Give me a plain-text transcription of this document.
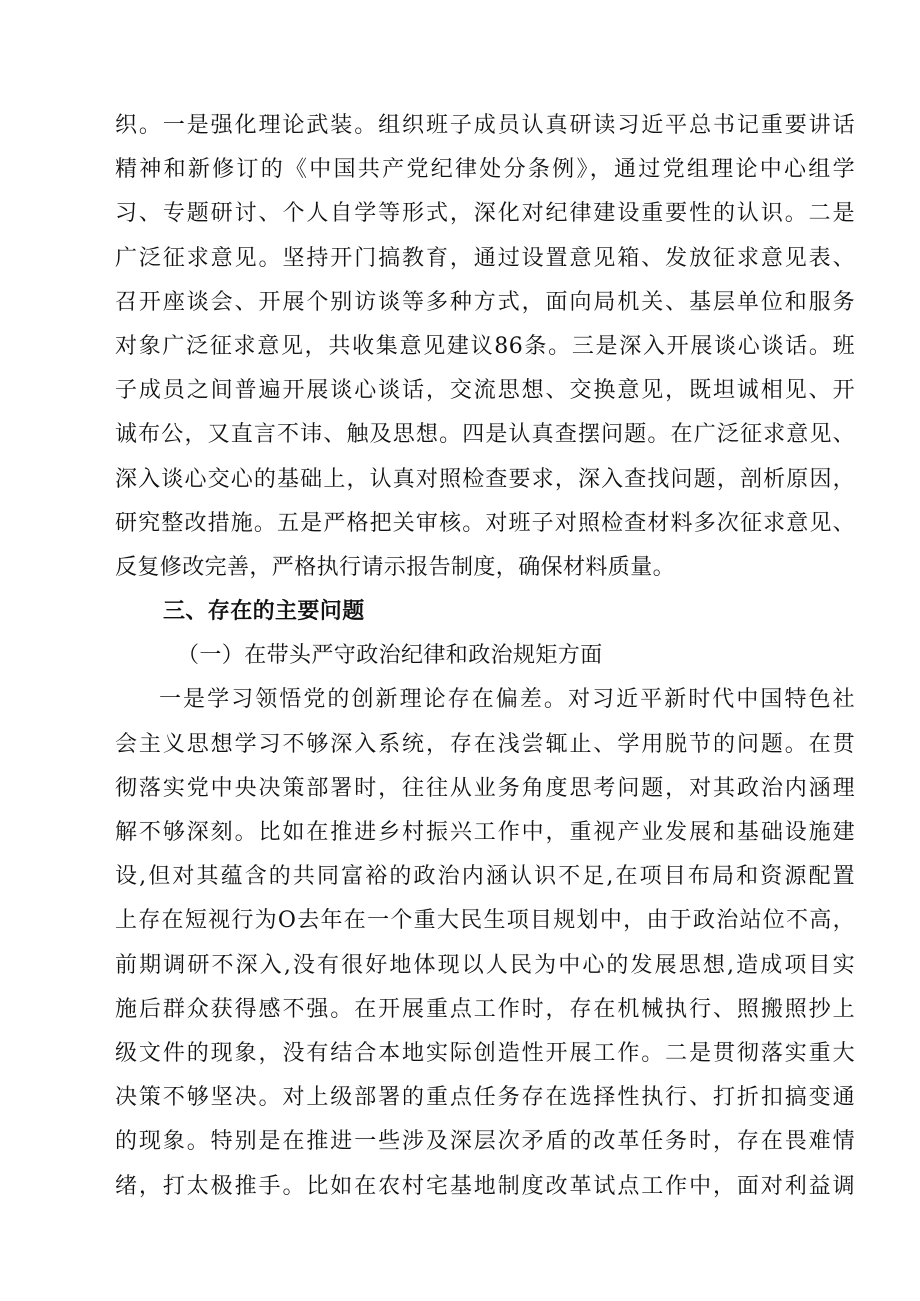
织。一是强化理论武装。组织班子成员认真研读习近平总书记重要讲话
精神和新修订的《中国共产党纪律处分条例》，通过党组理论中心组学
习、专题研讨、个人自学等形式，深化对纪律建设重要性的认识。二是
广泛征求意见。坚持开门搞教育，通过设置意见箱、发放征求意见表、
召开座谈会、开展个别访谈等多种方式，面向局机关、基层单位和服务
对象广泛征求意见，共收集意见建议86条。三是深入开展谈心谈话。班
子成员之间普遍开展谈心谈话，交流思想、交换意见，既坦诚相见、开
诚布公，又直言不讳、触及思想。四是认真查摆问题。在广泛征求意见、
深入谈心交心的基础上，认真对照检查要求，深入查找问题，剖析原因，
研究整改措施。五是严格把关审核。对班子对照检查材料多次征求意见、
反复修改完善，严格执行请示报告制度，确保材料质量。
三、存在的主要问题
（一）在带头严守政治纪律和政治规矩方面
一是学习领悟党的创新理论存在偏差。对习近平新时代中国特色社
会主义思想学习不够深入系统，存在浅尝辄止、学用脱节的问题。在贯
彻落实党中央决策部署时，往往从业务角度思考问题，对其政治内涵理
解不够深刻。比如在推进乡村振兴工作中，重视产业发展和基础设施建
设,但对其蕴含的共同富裕的政治内涵认识不足,在项目布局和资源配置
上存在短视行为O去年在一个重大民生项目规划中，由于政治站位不高，
前期调研不深入,没有很好地体现以人民为中心的发展思想,造成项目实
施后群众获得感不强。在开展重点工作时，存在机械执行、照搬照抄上
级文件的现象，没有结合本地实际创造性开展工作。二是贯彻落实重大
决策不够坚决。对上级部署的重点任务存在选择性执行、打折扣搞变通
的现象。特别是在推进一些涉及深层次矛盾的改革任务时，存在畏难情
绪，打太极推手。比如在农村宅基地制度改革试点工作中，面对利益调
